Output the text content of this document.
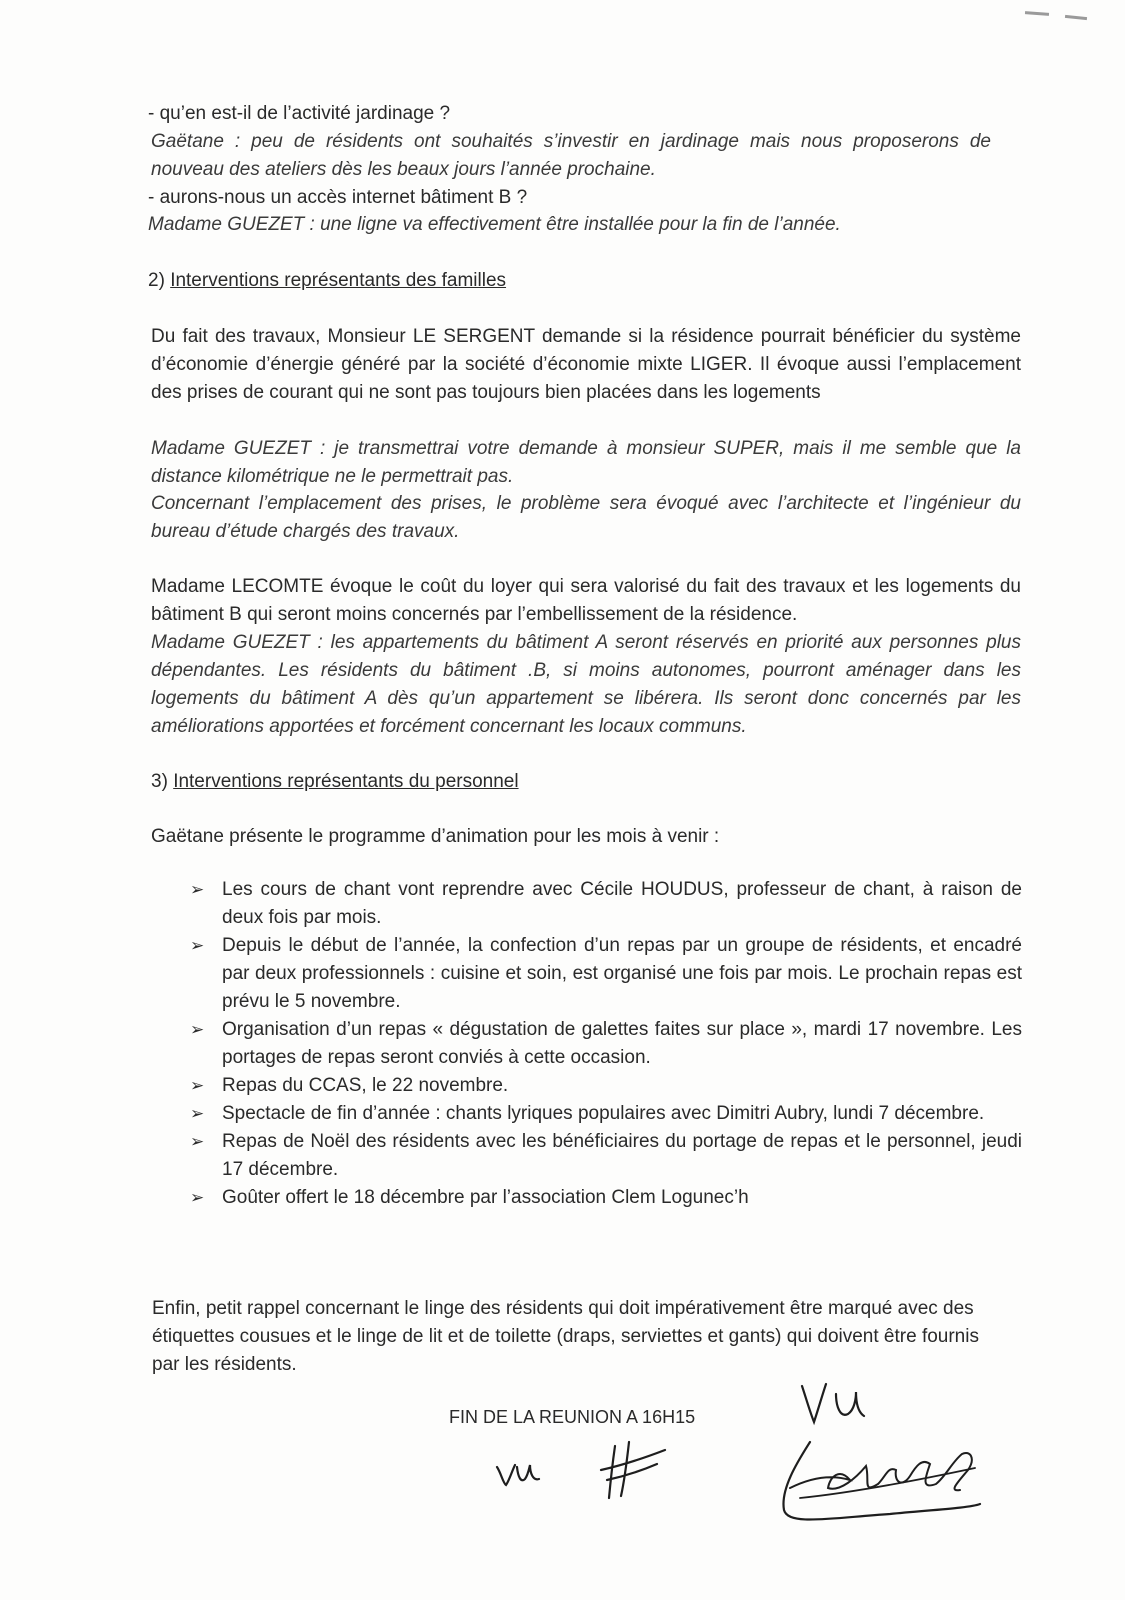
- qu’en est-il de l’activité jardinage ?
Gaëtane : peu de résidents ont souhaités s’investir en jardinage mais nous proposerons de nouveau des ateliers dès les beaux jours l’année prochaine.
- aurons-nous un accès internet bâtiment B ?
Madame GUEZET : une ligne va effectivement être installée pour la fin de l’année.
2) Interventions représentants des familles
Du fait des travaux, Monsieur LE SERGENT demande si la résidence pourrait bénéficier du système d’économie d’énergie généré par la société d’économie mixte LIGER. Il évoque aussi l’emplacement des prises de courant qui ne sont pas toujours bien placées dans les logements
Madame GUEZET : je transmettrai votre demande à monsieur SUPER, mais il me semble que la distance kilométrique ne le permettrait pas.
Concernant l’emplacement des prises, le problème sera évoqué avec l’architecte et l’ingénieur du bureau d’étude chargés des travaux.
Madame LECOMTE évoque le coût du loyer qui sera valorisé du fait des travaux et les logements du bâtiment B qui seront moins concernés par l’embellissement de la résidence.
Madame GUEZET : les appartements du bâtiment A seront réservés en priorité aux personnes plus dépendantes. Les résidents du bâtiment .B, si moins autonomes, pourront aménager dans les logements du bâtiment A dès qu’un appartement se libérera. Ils seront donc concernés par les améliorations apportées et forcément concernant les locaux communs.
3) Interventions représentants du personnel
Gaëtane présente le programme d’animation pour les mois à venir :
➢ Les cours de chant vont reprendre avec Cécile HOUDUS, professeur de chant, à raison de deux fois par mois.
➢ Depuis le début de l’année, la confection d’un repas par un groupe de résidents, et encadré par deux professionnels : cuisine et soin, est organisé une fois par mois. Le prochain repas est prévu le 5 novembre.
➢ Organisation d’un repas « dégustation de galettes faites sur place », mardi 17 novembre. Les portages de repas seront conviés à cette occasion.
➢ Repas du CCAS, le 22 novembre.
➢ Spectacle de fin d’année : chants lyriques populaires avec Dimitri Aubry, lundi 7 décembre.
➢ Repas de Noël des résidents avec les bénéficiaires du portage de repas et le personnel, jeudi 17 décembre.
➢ Goûter offert le 18 décembre par l’association Clem Logunec’h
Enfin, petit rappel concernant le linge des résidents qui doit impérativement être marqué avec des étiquettes cousues et le linge de lit et de toilette (draps, serviettes et gants) qui doivent être fournis par les résidents.
FIN DE LA REUNION A 16H15
